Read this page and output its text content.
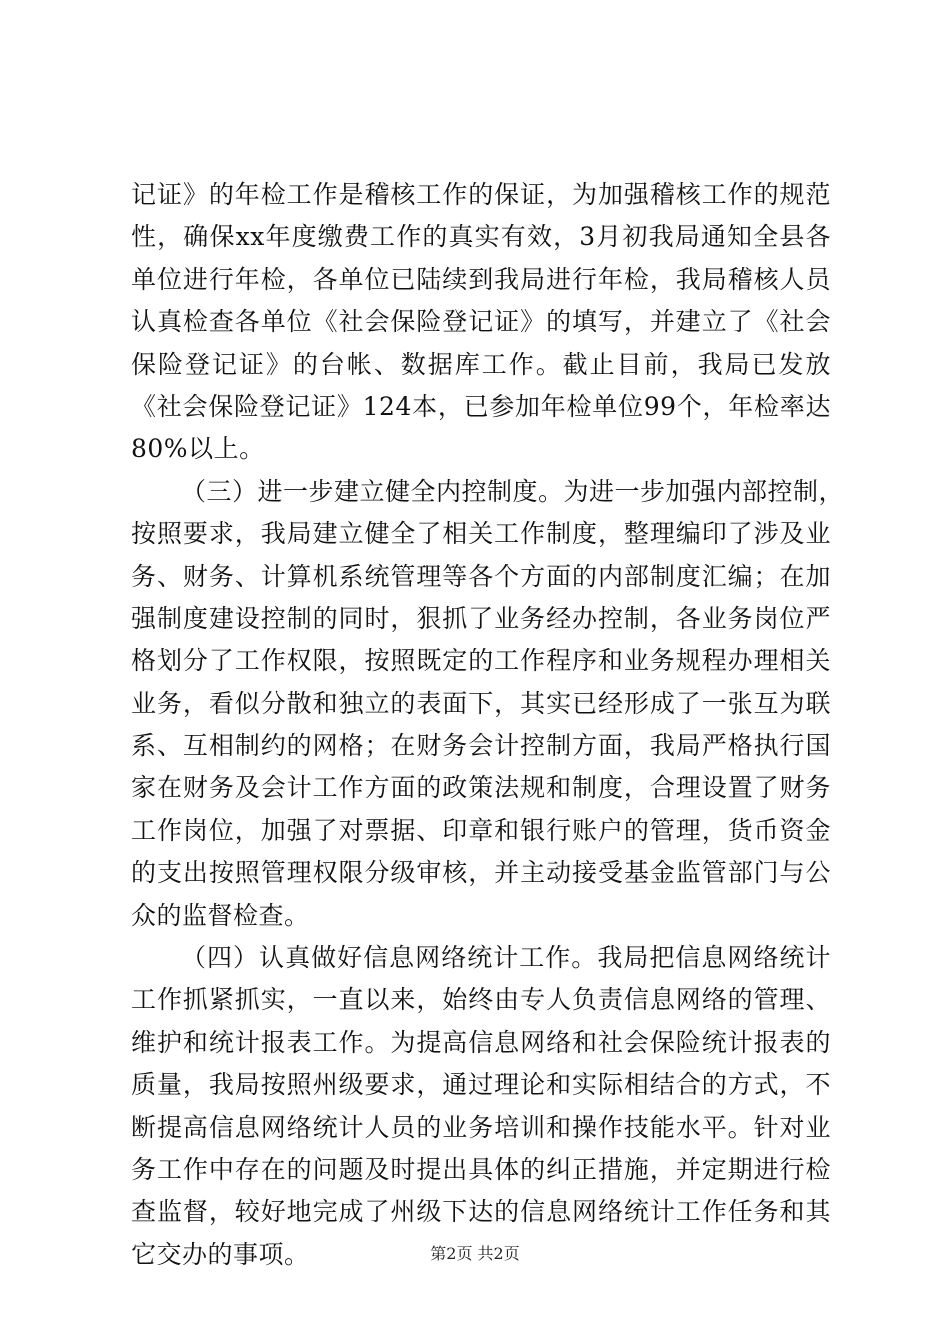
记证》的年检工作是稽核工作的保证，为加强稽核工作的规范
性，确保xx年度缴费工作的真实有效，3月初我局通知全县各
单位进行年检，各单位已陆续到我局进行年检，我局稽核人员
认真检查各单位《社会保险登记证》的填写，并建立了《社会
保险登记证》的台帐、数据库工作。截止目前，我局已发放
《社会保险登记证》124本，已参加年检单位99个，年检率达
80%以上。
（三）进一步建立健全内控制度。为进一步加强内部控制，
按照要求，我局建立健全了相关工作制度，整理编印了涉及业
务、财务、计算机系统管理等各个方面的内部制度汇编；在加
强制度建设控制的同时，狠抓了业务经办控制，各业务岗位严
格划分了工作权限，按照既定的工作程序和业务规程办理相关
业务，看似分散和独立的表面下，其实已经形成了一张互为联
系、互相制约的网格；在财务会计控制方面，我局严格执行国
家在财务及会计工作方面的政策法规和制度，合理设置了财务
工作岗位，加强了对票据、印章和银行账户的管理，货币资金
的支出按照管理权限分级审核，并主动接受基金监管部门与公
众的监督检查。
（四）认真做好信息网络统计工作。我局把信息网络统计
工作抓紧抓实，一直以来，始终由专人负责信息网络的管理、
维护和统计报表工作。为提高信息网络和社会保险统计报表的
质量，我局按照州级要求，通过理论和实际相结合的方式，不
断提高信息网络统计人员的业务培训和操作技能水平。针对业
务工作中存在的问题及时提出具体的纠正措施，并定期进行检
查监督，较好地完成了州级下达的信息网络统计工作任务和其
它交办的事项。	第2页 共2页
